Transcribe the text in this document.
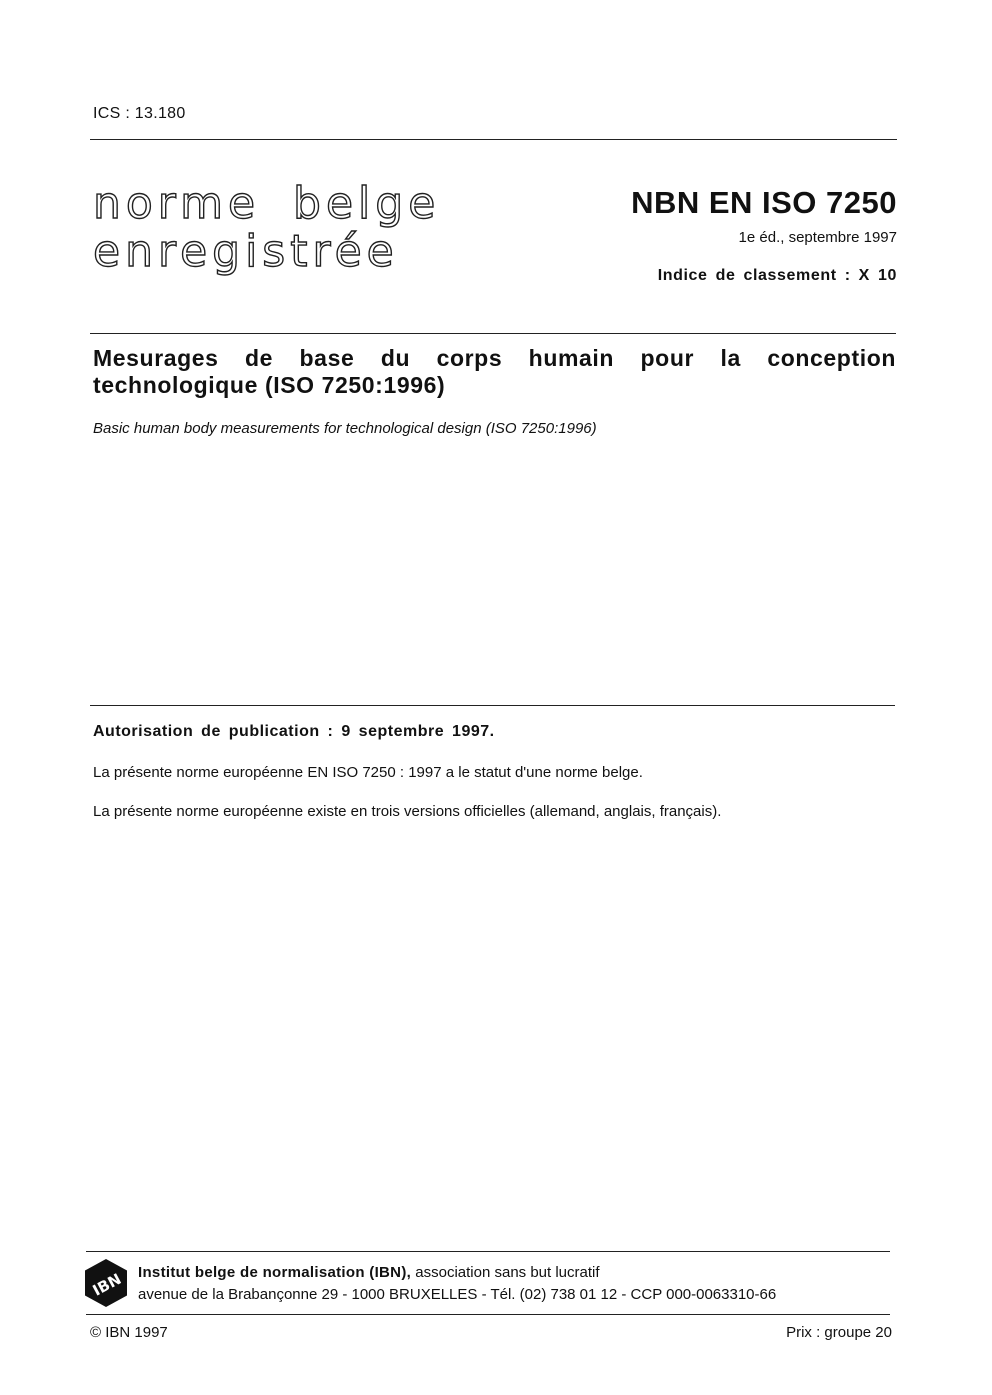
ICS : 13.180
norme belge
enregistrée
NBN EN ISO 7250
1e éd., septembre 1997
Indice de classement : X 10
Mesurages de base du corps humain pour la conception technologique (ISO 7250:1996)
Basic human body measurements for technological design (ISO 7250:1996)
Autorisation de publication : 9 septembre 1997.
La présente norme européenne EN ISO 7250 : 1997 a le statut d'une norme belge.
La présente norme européenne existe en trois versions officielles (allemand, anglais, français).
IBN Institut belge de normalisation (IBN), association sans but lucratif
avenue de la Brabançonne 29 - 1000 BRUXELLES - Tél. (02) 738 01 12 - CCP 000-0063310-66
© IBN 1997	Prix : groupe 20
